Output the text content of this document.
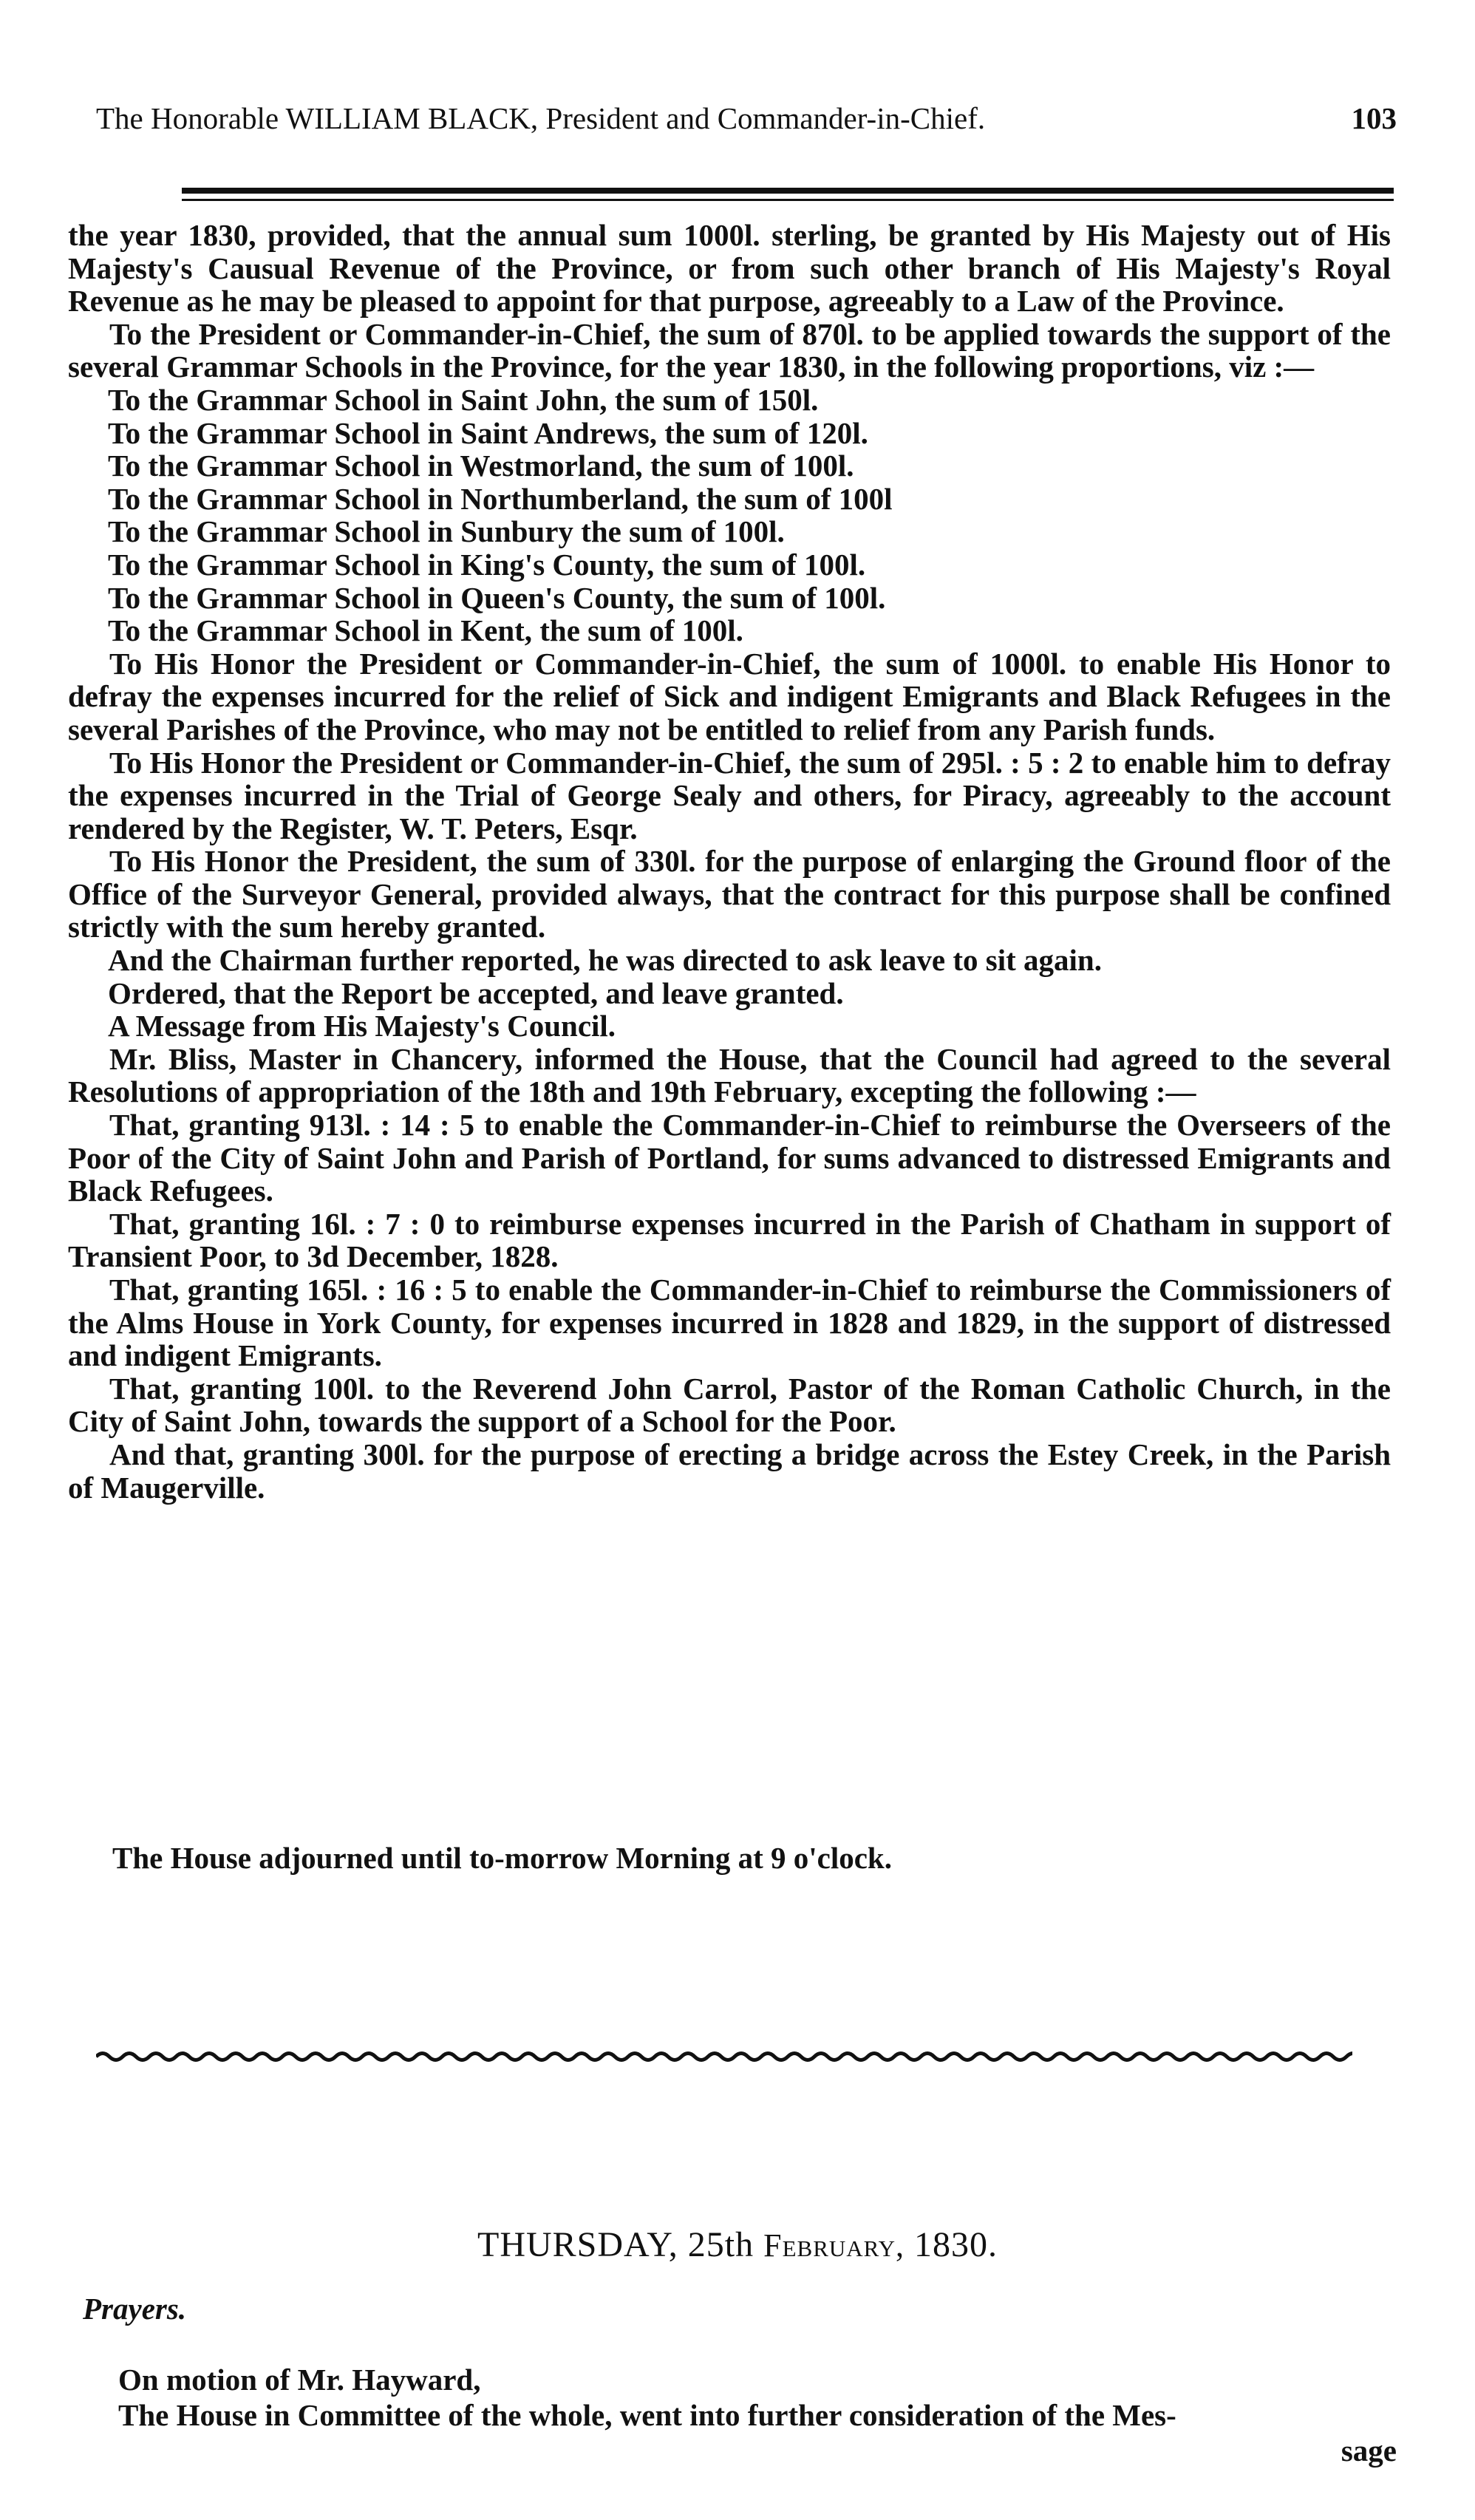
The Honorable WILLIAM BLACK, President and Commander-in-Chief.	103

the year 1830, provided, that the annual sum 1000l. sterling, be granted by His Majesty out of His Majesty's Causual Revenue of the Province, or from such other branch of His Majesty's Royal Revenue as he may be pleased to appoint for that purpose, agreeably to a Law of the Province.

To the President or Commander-in-Chief, the sum of 870l. to be applied towards the support of the several Grammar Schools in the Province, for the year 1830, in the following proportions, viz :—

To the Grammar School in Saint John, the sum of 150l.

To the Grammar School in Saint Andrews, the sum of 120l.

To the Grammar School in Westmorland, the sum of 100l.

To the Grammar School in Northumberland, the sum of 100l

To the Grammar School in Sunbury the sum of 100l.

To the Grammar School in King's County, the sum of 100l.

To the Grammar School in Queen's County, the sum of 100l.

To the Grammar School in Kent, the sum of 100l.

To His Honor the President or Commander-in-Chief, the sum of 1000l. to enable His Honor to defray the expenses incurred for the relief of Sick and indigent Emigrants and Black Refugees in the several Parishes of the Province, who may not be entitled to relief from any Parish funds.

To His Honor the President or Commander-in-Chief, the sum of 295l. : 5 : 2 to enable him to defray the expenses incurred in the Trial of George Sealy and others, for Piracy, agreeably to the account rendered by the Register, W. T. Peters, Esqr.

To His Honor the President, the sum of 330l. for the purpose of enlarging the Ground floor of the Office of the Surveyor General, provided always, that the contract for this purpose shall be confined strictly with the sum hereby granted.

And the Chairman further reported, he was directed to ask leave to sit again.

Ordered, that the Report be accepted, and leave granted.

A Message from His Majesty's Council.

Mr. Bliss, Master in Chancery, informed the House, that the Council had agreed to the several Resolutions of appropriation of the 18th and 19th February, excepting the following :—

That, granting 913l. : 14 : 5 to enable the Commander-in-Chief to reimburse the Overseers of the Poor of the City of Saint John and Parish of Portland, for sums advanced to distressed Emigrants and Black Refugees.

That, granting 16l. : 7 : 0 to reimburse expenses incurred in the Parish of Chatham in support of Transient Poor, to 3d December, 1828.

That, granting 165l. : 16 : 5 to enable the Commander-in-Chief to reimburse the Commissioners of the Alms House in York County, for expenses incurred in 1828 and 1829, in the support of distressed and indigent Emigrants.

That, granting 100l. to the Reverend John Carrol, Pastor of the Roman Catholic Church, in the City of Saint John, towards the support of a School for the Poor.

And that, granting 300l. for the purpose of erecting a bridge across the Estey Creek, in the Parish of Maugerville.

The House adjourned until to-morrow Morning at 9 o'clock.
THURSDAY, 25th February, 1830.
Prayers.

On motion of Mr. Hayward,

The House in Committee of the whole, went into further consideration of the Mes-

sage
